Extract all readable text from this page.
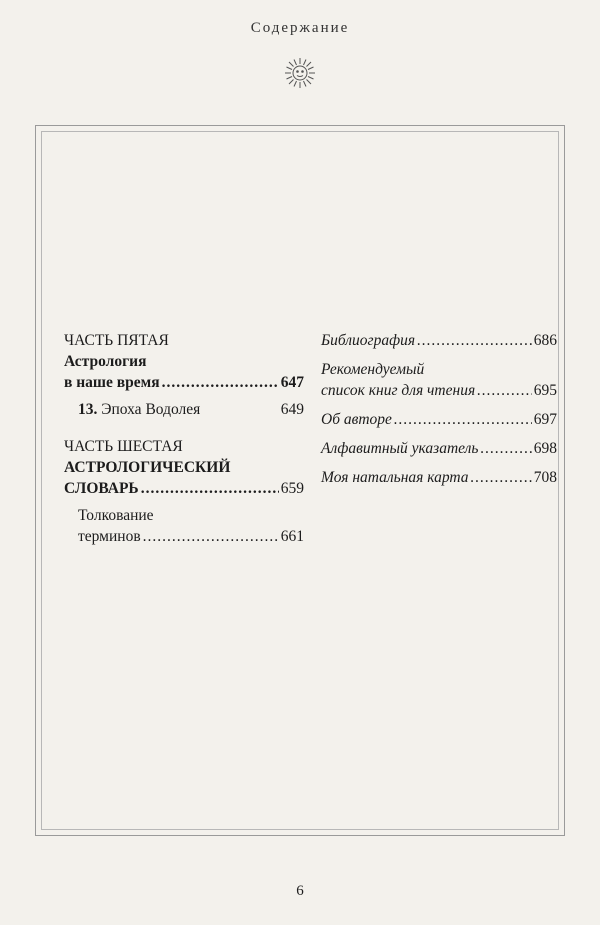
Содержание
ЧАСТЬ ПЯТАЯ
Астрология
в наше время .....	647
13.
Эпоха Водолея	649
ЧАСТЬ ШЕСТАЯ
АСТРОЛОГИЧЕСКИЙ
СЛОВАРЬ .....	659
Толкование
терминов .....	661
Библиография .....	686
Рекомендуемый
список книг для чтения .....	695
Об авторе .....	697
Алфавитный указатель .....	698
Моя натальная карта .....	708
6
